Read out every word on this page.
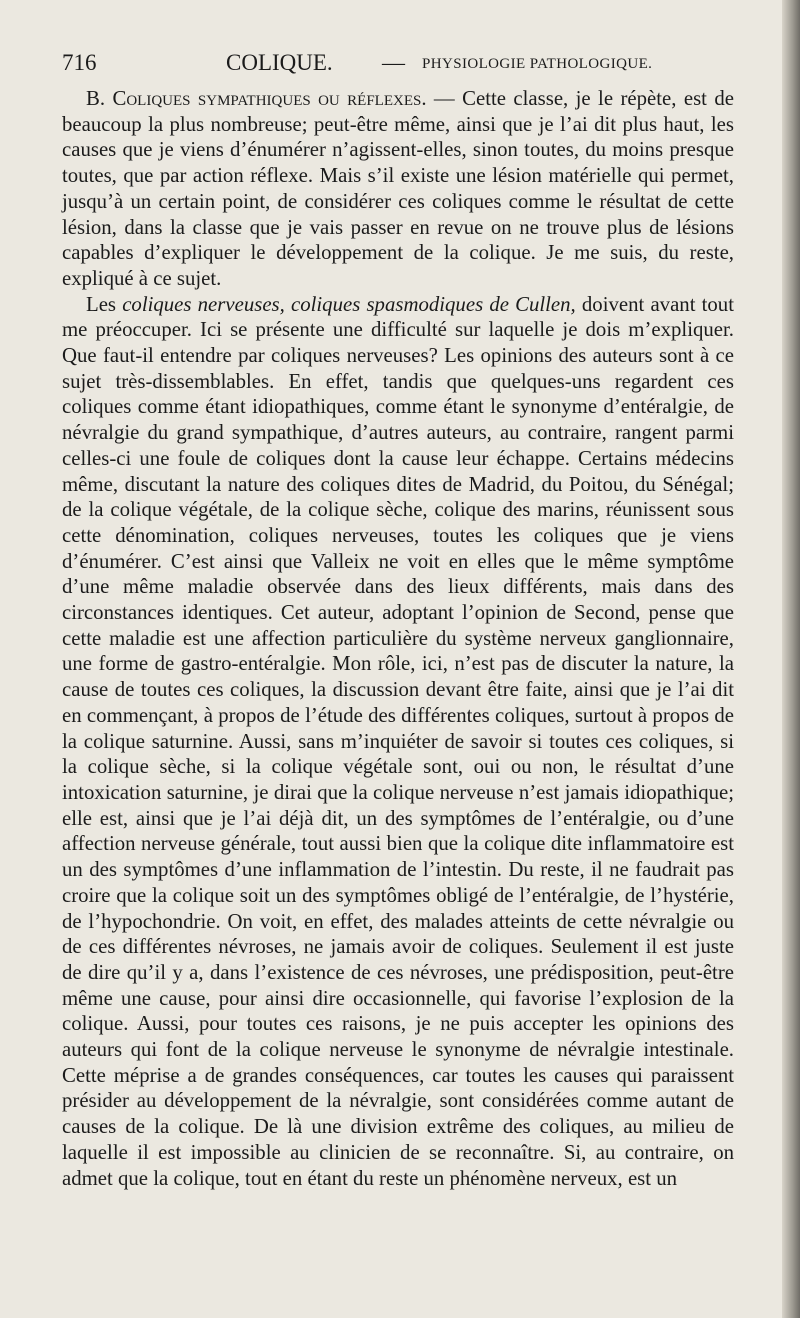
716	COLIQUE. — PHYSIOLOGIE PATHOLOGIQUE.

B. Coliques sympathiques ou réflexes. — Cette classe, je le répète, est de beaucoup la plus nombreuse; peut-être même, ainsi que je l’ai dit plus haut, les causes que je viens d’énumérer n’agissent-elles, sinon toutes, du moins presque toutes, que par action réflexe. Mais s’il existe une lésion matérielle qui permet, jusqu’à un certain point, de considérer ces coliques comme le résultat de cette lésion, dans la classe que je vais passer en revue on ne trouve plus de lésions capables d’expliquer le développement de la colique. Je me suis, du reste, expliqué à ce sujet.

Les coliques nerveuses, coliques spasmodiques de Cullen, doivent avant tout me préoccuper. Ici se présente une difficulté sur laquelle je dois m’expliquer. Que faut-il entendre par coliques nerveuses? Les opinions des auteurs sont à ce sujet très-dissemblables. En effet, tandis que quelques-uns regardent ces coliques comme étant idiopathiques, comme étant le synonyme d’entéralgie, de névralgie du grand sympathique, d’autres auteurs, au contraire, rangent parmi celles-ci une foule de coliques dont la cause leur échappe. Certains médecins même, discutant la nature des coliques dites de Madrid, du Poitou, du Sénégal; de la colique végétale, de la colique sèche, colique des marins, réunissent sous cette dénomination, coliques nerveuses, toutes les coliques que je viens d’énumérer. C’est ainsi que Valleix ne voit en elles que le même symptôme d’une même maladie observée dans des lieux différents, mais dans des circonstances identiques. Cet auteur, adoptant l’opinion de Second, pense que cette maladie est une affection particulière du système nerveux ganglionnaire, une forme de gastro-entéralgie. Mon rôle, ici, n’est pas de discuter la nature, la cause de toutes ces coliques, la discussion devant être faite, ainsi que je l’ai dit en commençant, à propos de l’étude des différentes coliques, surtout à propos de la colique saturnine. Aussi, sans m’inquiéter de savoir si toutes ces coliques, si la colique sèche, si la colique végétale sont, oui ou non, le résultat d’une intoxication saturnine, je dirai que la colique nerveuse n’est jamais idiopathique; elle est, ainsi que je l’ai déjà dit, un des symptômes de l’entéralgie, ou d’une affection nerveuse générale, tout aussi bien que la colique dite inflammatoire est un des symptômes d’une inflammation de l’intestin. Du reste, il ne faudrait pas croire que la colique soit un des symptômes obligé de l’entéralgie, de l’hystérie, de l’hypochondrie. On voit, en effet, des malades atteints de cette névralgie ou de ces différentes névroses, ne jamais avoir de coliques. Seulement il est juste de dire qu’il y a, dans l’existence de ces névroses, une prédisposition, peut-être même une cause, pour ainsi dire occasionnelle, qui favorise l’explosion de la colique. Aussi, pour toutes ces raisons, je ne puis accepter les opinions des auteurs qui font de la colique nerveuse le synonyme de névralgie intestinale. Cette méprise a de grandes conséquences, car toutes les causes qui paraissent présider au développement de la névralgie, sont considérées comme autant de causes de la colique. De là une division extrême des coliques, au milieu de laquelle il est impossible au clinicien de se reconnaître. Si, au contraire, on admet que la colique, tout en étant du reste un phénomène nerveux, est un
